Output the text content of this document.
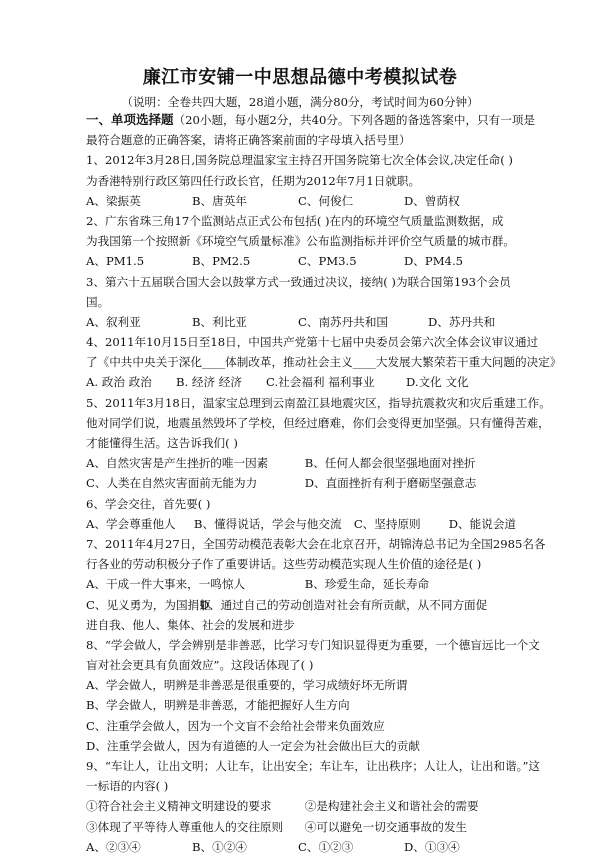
廉江市安铺一中思想品德中考模拟试卷
（说明：全卷共四大题，28道小题，满分80分，考试时间为60分钟）
一、单项选择题（20小题，每小题2分，共40分。下列各题的备选答案中，只有一项是
最符合题意的正确答案，请将正确答案前面的字母填入括号里）
1、2012年3月28日,国务院总理温家宝主持召开国务院第七次全体会议,决定任命( )
为香港特别行政区第四任行政长官，任期为2012年7月1日就职。
A、梁振英	B、唐英年	C、何俊仁	D、曾荫权
2、广东省珠三角17个监测站点正式公布包括( )在内的环境空气质量监测数据，成
为我国第一个按照新《环境空气质量标准》公布监测指标并评价空气质量的城市群。
A、PM1.5	B、PM2.5	C、PM3.5	D、PM4.5
3、第六十五届联合国大会以鼓掌方式一致通过决议，接纳( )为联合国第193个会员
国。
A、叙利亚	B、利比亚	C、南苏丹共和国	D、苏丹共和
4、2011年10月15日至18日，中国共产党第十七届中央委员会第六次全体会议审议通过
了《中共中央关于深化____体制改革，推动社会主义____大发展大繁荣若干重大问题的决定》
A. 政治 政治	B. 经济 经济	C.社会福利 福利事业	D.文化 文化
5、2011年3月18日，温家宝总理到云南盈江县地震灾区，指导抗震救灾和灾后重建工作。
他对同学们说，地震虽然毁坏了学校，但经过磨难，你们会变得更加坚强。只有懂得苦难，
才能懂得生活。这告诉我们( )
A、自然灾害是产生挫折的唯一因素	B、任何人都会很坚强地面对挫折
C、人类在自然灾害面前无能为力	D、直面挫折有利于磨砺坚强意志
6、学会交往，首先要( )
A、学会尊重他人	B、懂得说话，学会与他交流	C、坚持原则	D、能说会道
7、2011年4月27日，全国劳动模范表彰大会在北京召开，胡锦涛总书记为全国2985名各
行各业的劳动积极分子作了重要讲话。这些劳动模范实现人生价值的途径是( )
A、干成一件大事来，一鸣惊人	B、珍爱生命，延长寿命
C、见义勇为，为国捐躯 D、通过自己的劳动创造对社会有所贡献，从不同方面促
进自我、他人、集体、社会的发展和进步
8、“学会做人，学会辨别是非善恶，比学习专门知识显得更为重要，一个德盲远比一个文
盲对社会更具有负面效应”。这段话体现了( )
A、学会做人，明辨是非善恶是很重要的，学习成绩好坏无所谓
B、学会做人，明辨是非善恶，才能把握好人生方向
C、注重学会做人，因为一个文盲不会给社会带来负面效应
D、注重学会做人，因为有道德的人一定会为社会做出巨大的贡献
9、“车让人，让出文明；人让车，让出安全；车让车，让出秩序；人让人，让出和谐。”这
一标语的内容( )
①符合社会主义精神文明建设的要求	②是构建社会主义和谐社会的需要
③体现了平等待人尊重他人的交往原则 ④可以避免一切交通事故的发生
A、②③④	B、①②④	C、①②③	D、①③④
